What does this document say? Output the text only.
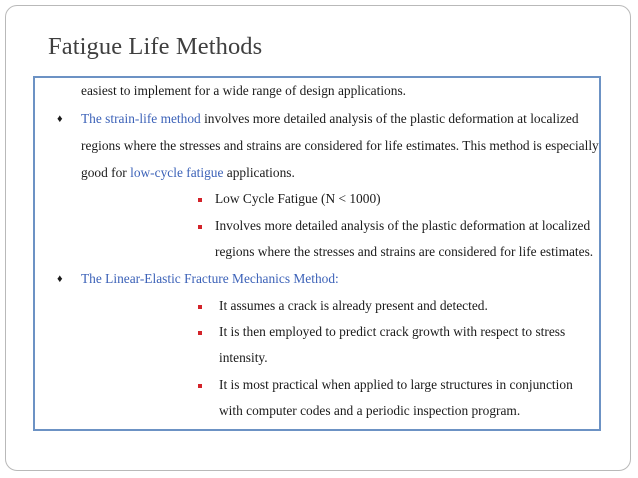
Fatigue Life Methods
easiest to implement for a wide range of design applications.
♦ The strain-life method involves more detailed analysis of the plastic deformation at localized
regions where the stresses and strains are considered for life estimates. This method is especially
good for low-cycle fatigue applications.
Low Cycle Fatigue (N < 1000)
Involves more detailed analysis of the plastic deformation at localized
regions where the stresses and strains are considered for life estimates.
♦ The Linear-Elastic Fracture Mechanics Method:
It assumes a crack is already present and detected.
It is then employed to predict crack growth with respect to stress
intensity.
It is most practical when applied to large structures in conjunction
with computer codes and a periodic inspection program.
